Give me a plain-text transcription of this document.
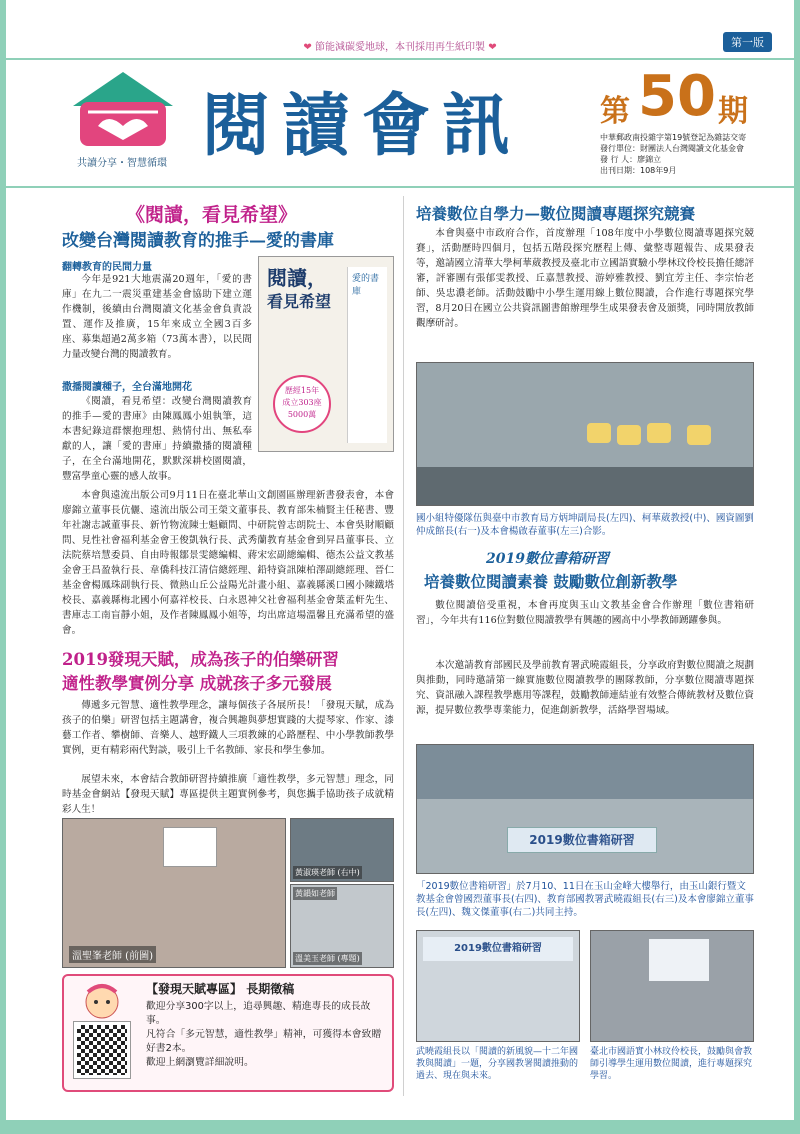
❤ 節能減碳愛地球，本刊採用再生紙印製 ❤	第一版
共讀分享・智慧循環 閱讀會訊	第 50 期
中華郵政南投雜字第19號登記為雜誌交寄
發行單位：財團法人台灣閱讀文化基金會
發 行 人：廖錦立
出刊日期：108年9月
《閱讀，看見希望》
改變台灣閱讀教育的推手—愛的書庫
翻轉教育的民間力量
今年是921大地震滿20週年，「愛的書庫」在九二一震災重建基金會協助下建立運作機制，後續由台灣閱讀文化基金會負責設置、運作及推廣，15年來成立全國3百多座、募集超過2萬多箱（73萬本書），以民間力量改變台灣的閱讀教育。
閱讀，
看見希望
愛的書庫
歷經15年
成立303座
5000萬
撒播閱讀種子，全台滿地開花
《閱讀，看見希望：改變台灣閱讀教育的推手—愛的書庫》由陳鳳鳳小姐執筆，這本書紀錄這群懷抱理想、熱情付出、無私奉獻的人，讓「愛的書庫」持續撒播的閱讀種子，在全台滿地開花，默默深耕校園閱讀，豐富學童心靈的感人故事。
本會與遠流出版公司9月11日在臺北華山文創園區辦理新書發表會，本會廖錦立董事長伉儷、遠流出版公司王榮文董事長、教育部朱楠賢主任秘書、豐年社謝志誠董事長、新竹物流陳士魁顧問、中研院曾志朗院士、本會吳財順顧問、見性社會福利基金會王俊凱執行長、武秀蘭教育基金會到昇昌董事長、立法院蔡培慧委員、自由時報鄒景雯總編輯、蔣宋宏副總編輯、德杰公益文教基金會王昌盈執行長、韋僑科技江清信總經理、鉛特資訊陳柏澤副總經理、晉仁基金會楊鳳珠副執行長、微熱山丘公益陽光計畫小組、嘉義縣溪口國小陳鐵塔校長、嘉義縣梅北國小何嘉祥校長、白永恩神父社會福利基金會葉孟軒先生、書庫志工南盲靜小姐，及作者陳鳳鳳小姐等，均出席這場溫馨且充滿希望的盛會。
2019發現天賦，成為孩子的伯樂研習
適性教學實例分享 成就孩子多元發展
傳遞多元智慧、適性教學理念，讓每個孩子各展所長！「發現天賦，成為孩子的伯樂」研習包括主題講會，複合興趣與夢想實踐的大提琴家、作家、漆藝工作者、攀樹師、音樂人、越野鐵人三項教練的心路歷程、中小學教師教學實例，更有精彩兩代對談，吸引上千名教師、家長和學生參加。
展望未來，本會結合教師研習持續推廣「適性教學，多元智慧」理念，同時基金會網站【發現天賦】專區提供主題實例參考，與您攜手協助孩子成就精彩人生！
溫聖峯老師 (前圖)
黃淑瑛老師 (右中)
溫美玉老師 (專題)
黃韻如老師
【發現天賦專區】 長期徵稿
歡迎分享300字以上，追尋興趣、精進專長的成長故事。
凡符合「多元智慧，適性教學」精神，可獲得本會致贈好書2本。
歡迎上網瀏覽詳細說明。
培養數位自學力—數位閱讀專題探究競賽
本會與臺中市政府合作，首度辦理「108年度中小學數位閱讀專題探究競賽」，活動歷時四個月，包括五階段探究歷程上傳、彙整專題報告、成果發表等，邀請國立清華大學柯華葳教授及臺北市立國語實驗小學林玟伶校長擔任總評審，評審團有張郁雯教授、丘嘉慧教授、游婷雅教授、劉宜芳主任、李宗怡老師、吳忠濃老師。活動鼓勵中小學生運用線上數位閱讀，合作進行專題探究學習，8月20日在國立公共資訊圖書館辦理學生成果發表會及頒獎，同時開放教師觀摩研討。
國小組特優隊伍與臺中市教育局方炳坤副局長(左四)、柯華葳教授(中)、國資圖劉仲成館長(右一)及本會楊啟春董事(左三)合影。
2019數位書箱研習
培養數位閱讀素養 鼓勵數位創新教學
數位閱讀倍受重視，本會再度與玉山文教基金會合作辦理「數位書箱研習」，今年共有116位對數位閱讀教學有興趣的國高中小學教師踴躍參與。
本次邀請教育部國民及學前教育署武曉霞組長，分享政府對數位閱讀之規劃與推動，同時邀請第一線實施數位閱讀教學的團隊教師，分享數位閱讀專題探究、資訊融入課程教學應用等課程，鼓勵教師連結並有效整合傳統教材及數位資源，提昇數位教學專業能力，促進創新教學，活絡學習場域。
2019數位書箱研習
「2019數位書箱研習」於7月10、11日在玉山金峰大樓舉行，由玉山銀行暨文教基金會曾國烈董事長(右四)、教育部國教署武曉霞組長(右三)及本會廖錦立董事長(左四)、魏文傑董事(右二)共同主持。
2019數位書箱研習
武曉霞組長以「閱讀的新風貌—十二年國教與閱讀」一題，分享國教署閱讀推動的過去、現在與未來。
臺北市國語實小林玟伶校長，鼓勵與會教師引導學生運用數位閱讀，進行專題探究學習。
